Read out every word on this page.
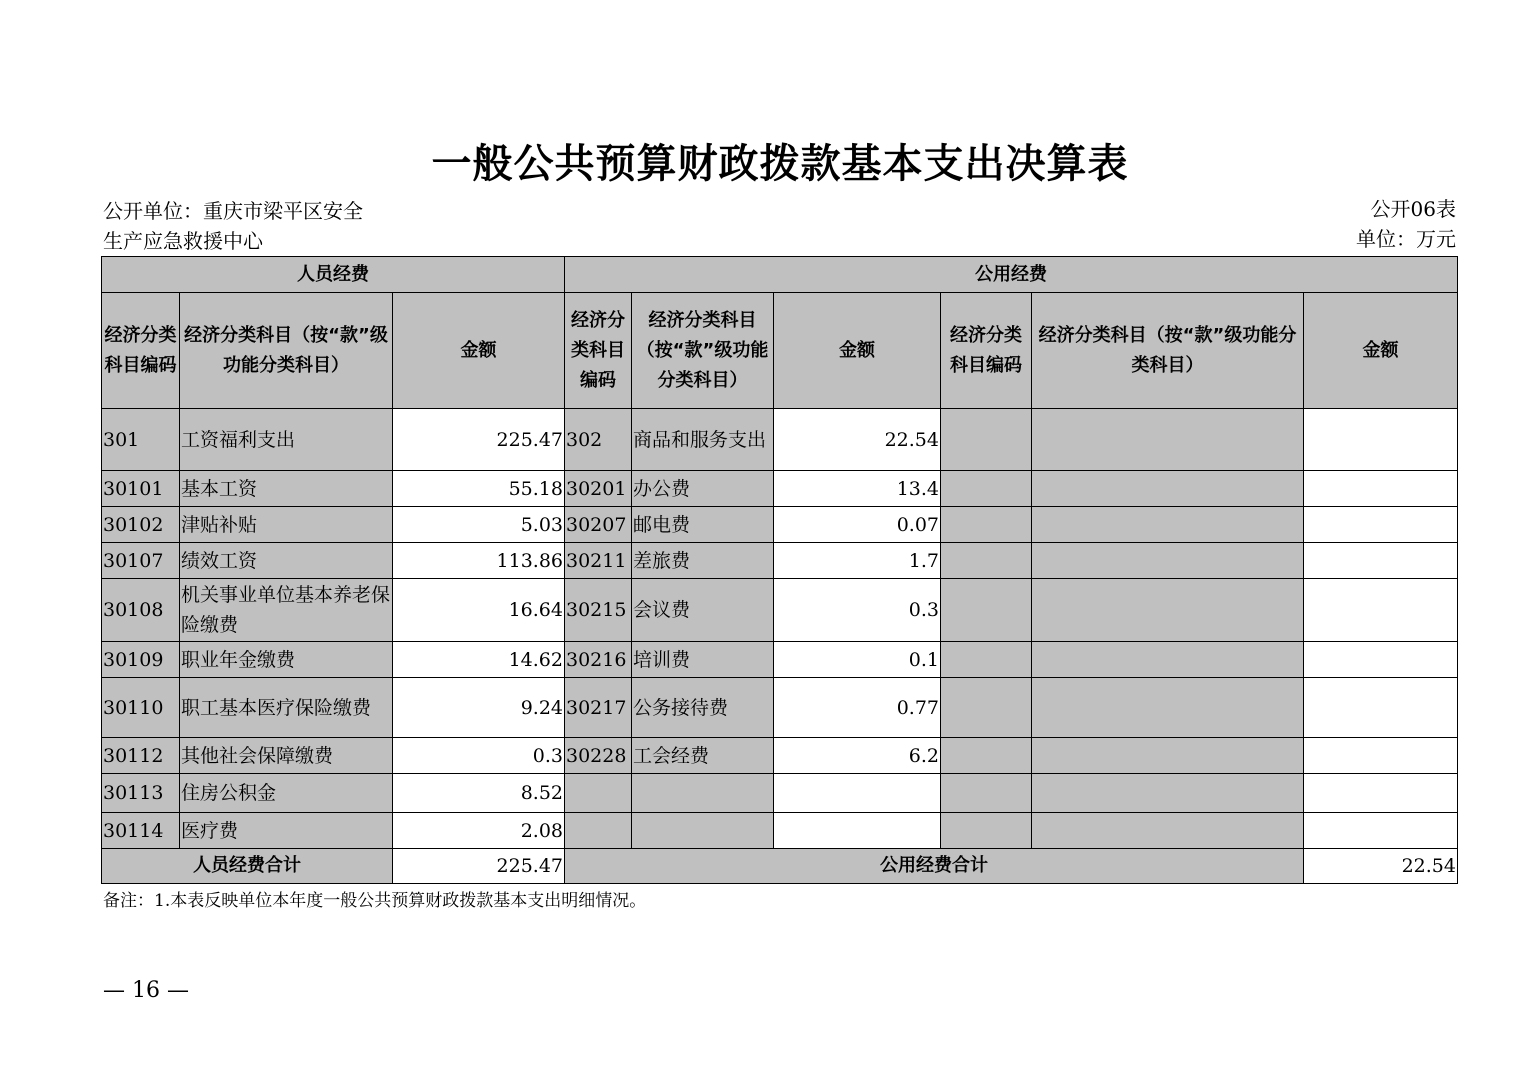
一般公共预算财政拨款基本支出决算表
公开单位：重庆市梁平区安全
生产应急救援中心
公开06表
单位：万元
人员经费			公用经费					
经济分类科目编码	经济分类科目（按“款”级功能分类科目）	金额	经济分类科目编码	经济分类科目（按“款”级功能分类科目）	金额	经济分类科目编码	经济分类科目（按“款”级功能分类科目）	金额
301	工资福利支出	225.47	302	商品和服务支出	22.54			
30101	基本工资	55.18	30201	办公费	13.4			
30102	津贴补贴	5.03	30207	邮电费	0.07			
30107	绩效工资	113.86	30211	差旅费	1.7			
30108	机关事业单位基本养老保险缴费	16.64	30215	会议费	0.3			
30109	职业年金缴费	14.62	30216	培训费	0.1			
30110	职工基本医疗保险缴费	9.24	30217	公务接待费	0.77			
30112	其他社会保障缴费	0.3	30228	工会经费	6.2			
30113	住房公积金	8.52						
30114	医疗费	2.08						
人员经费合计		225.47	公用经费合计					22.54
备注：1.本表反映单位本年度一般公共预算财政拨款基本支出明细情况。
— 16 —
